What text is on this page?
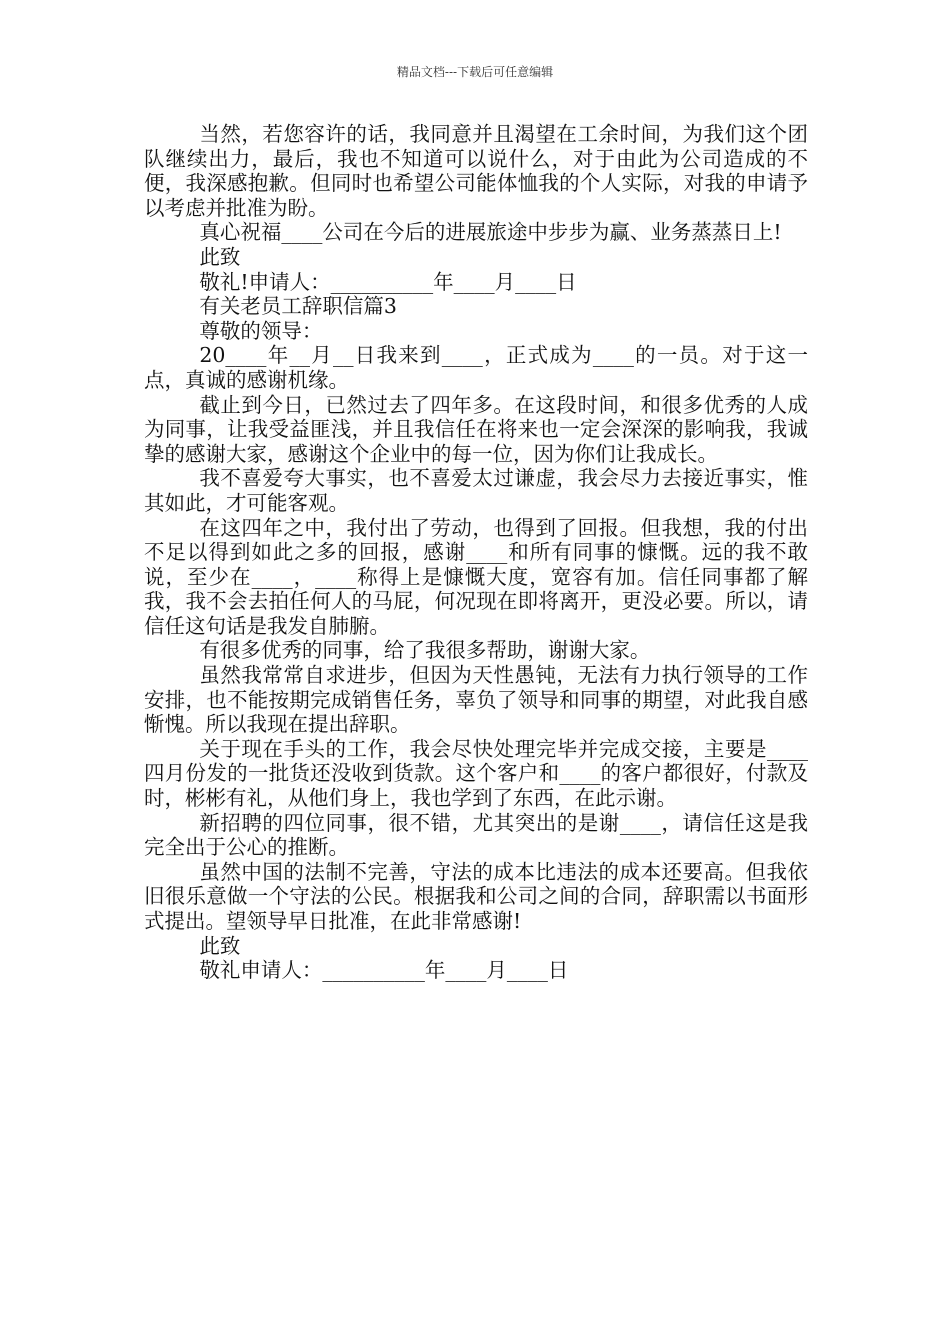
精品文档---下载后可任意编辑

当然，若您容许的话，我同意并且渴望在工余时间，为我们这个团队继续出力，最后，我也不知道可以说什么，对于由此为公司造成的不便，我深感抱歉。但同时也希望公司能体恤我的个人实际，对我的申请予以考虑并批准为盼。

真心祝福____公司在今后的进展旅途中步步为赢、业务蒸蒸日上!

此致

敬礼!申请人：__________年____月____日

有关老员工辞职信篇3

尊敬的领导：

20____年__月__日我来到____，正式成为____的一员。对于这一点，真诚的感谢机缘。

截止到今日，已然过去了四年多。在这段时间，和很多优秀的人成为同事，让我受益匪浅，并且我信任在将来也一定会深深的影响我，我诚挚的感谢大家，感谢这个企业中的每一位，因为你们让我成长。

我不喜爱夸大事实，也不喜爱太过谦虚，我会尽力去接近事实，惟其如此，才可能客观。

在这四年之中，我付出了劳动，也得到了回报。但我想，我的付出不足以得到如此之多的回报，感谢____和所有同事的慷慨。远的我不敢说，至少在____，____称得上是慷慨大度，宽容有加。信任同事都了解我，我不会去拍任何人的马屁，何况现在即将离开，更没必要。所以，请信任这句话是我发自肺腑。

有很多优秀的同事，给了我很多帮助，谢谢大家。

虽然我常常自求进步，但因为天性愚钝，无法有力执行领导的工作安排，也不能按期完成销售任务，辜负了领导和同事的期望，对此我自感惭愧。所以我现在提出辞职。

关于现在手头的工作，我会尽快处理完毕并完成交接，主要是____四月份发的一批货还没收到货款。这个客户和____的客户都很好，付款及时，彬彬有礼，从他们身上，我也学到了东西，在此示谢。

新招聘的四位同事，很不错，尤其突出的是谢____，请信任这是我完全出于公心的推断。

虽然中国的法制不完善，守法的成本比违法的成本还要高。但我依旧很乐意做一个守法的公民。根据我和公司之间的合同，辞职需以书面形式提出。望领导早日批准，在此非常感谢!

此致

敬礼申请人：__________年____月____日
